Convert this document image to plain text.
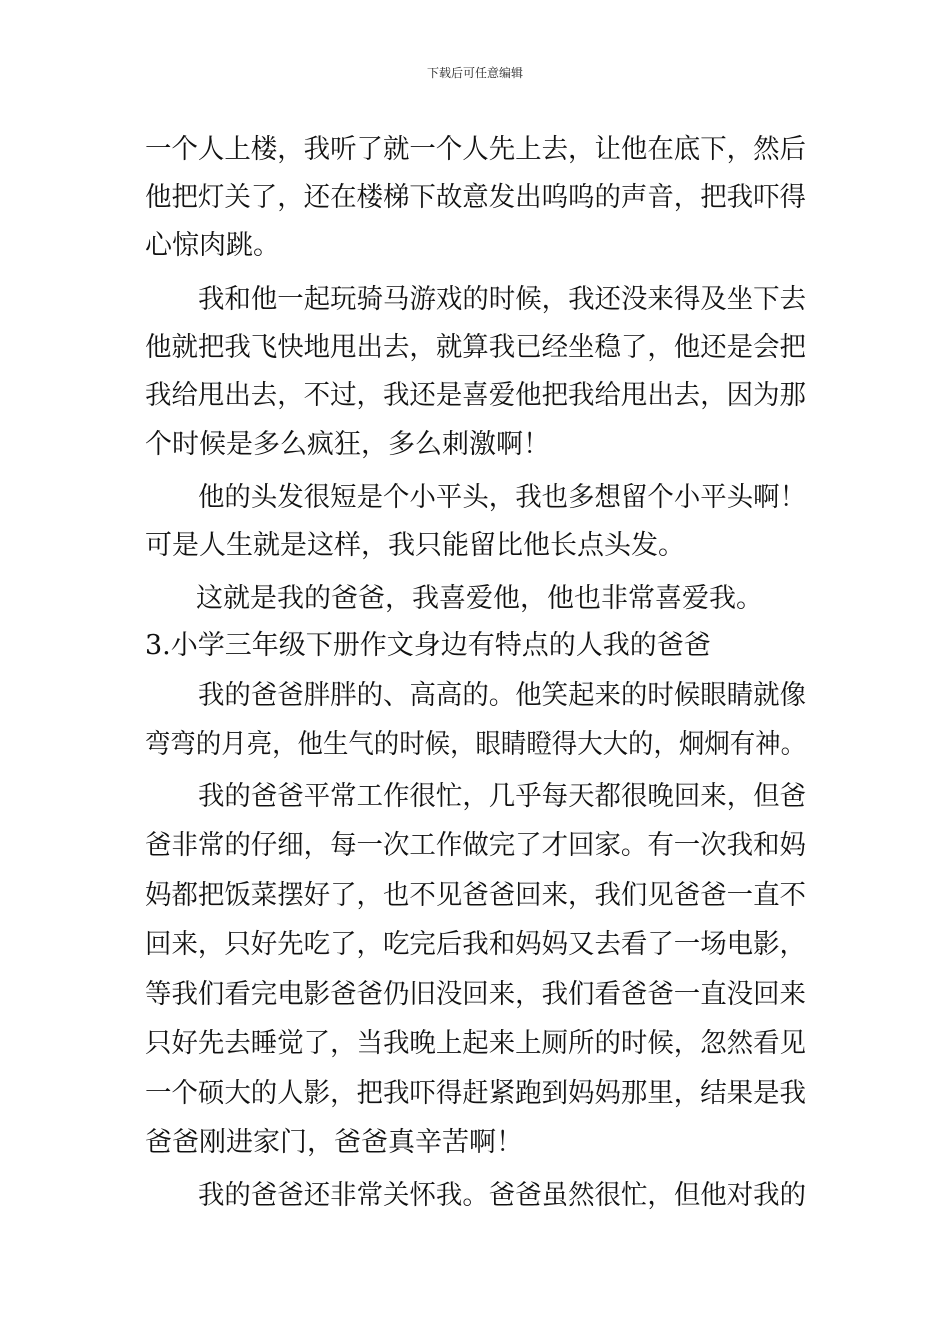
下载后可任意编辑
一个人上楼，我听了就一个人先上去，让他在底下，然后
他把灯关了，还在楼梯下故意发出呜呜的声音，把我吓得
心惊肉跳。
我和他一起玩骑马游戏的时候，我还没来得及坐下去
他就把我飞快地甩出去，就算我已经坐稳了，他还是会把
我给甩出去，不过，我还是喜爱他把我给甩出去，因为那
个时候是多么疯狂，多么刺激啊！
他的头发很短是个小平头，我也多想留个小平头啊！
可是人生就是这样，我只能留比他长点头发。
这就是我的爸爸，我喜爱他，他也非常喜爱我。
3.小学三年级下册作文身边有特点的人我的爸爸
我的爸爸胖胖的、高高的。他笑起来的时候眼睛就像
弯弯的月亮，他生气的时候，眼睛瞪得大大的，炯炯有神。
我的爸爸平常工作很忙，几乎每天都很晚回来，但爸
爸非常的仔细，每一次工作做完了才回家。有一次我和妈
妈都把饭菜摆好了，也不见爸爸回来，我们见爸爸一直不
回来，只好先吃了，吃完后我和妈妈又去看了一场电影，
等我们看完电影爸爸仍旧没回来，我们看爸爸一直没回来
只好先去睡觉了，当我晚上起来上厕所的时候，忽然看见
一个硕大的人影，把我吓得赶紧跑到妈妈那里，结果是我
爸爸刚进家门，爸爸真辛苦啊！
我的爸爸还非常关怀我。爸爸虽然很忙，但他对我的
